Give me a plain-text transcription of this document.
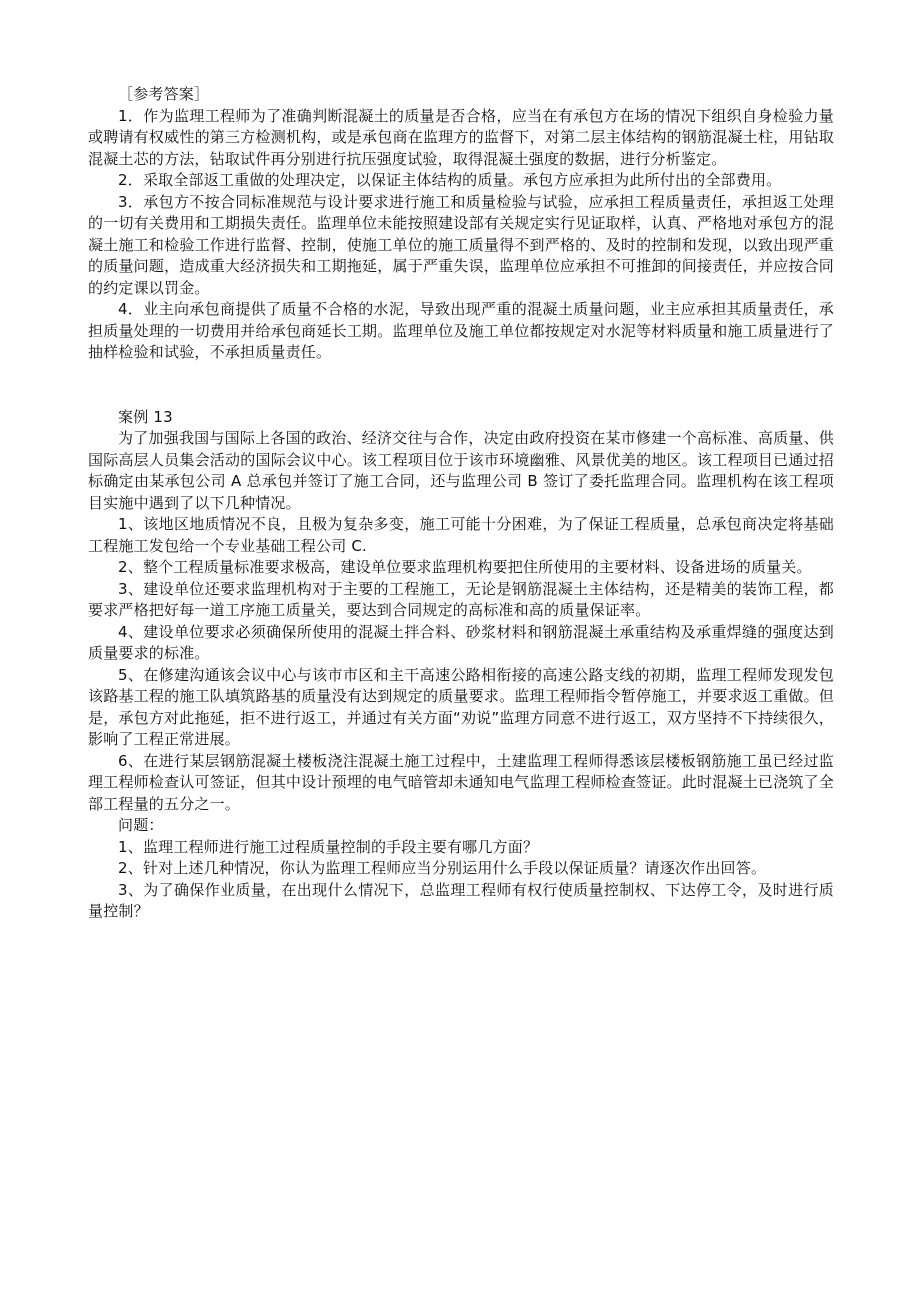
［参考答案］

1．作为监理工程师为了准确判断混凝土的质量是否合格，应当在有承包方在场的情况下组织自身检验力量或聘请有权威性的第三方检测机构，或是承包商在监理方的监督下，对第二层主体结构的钢筋混凝土柱，用钻取混凝土芯的方法，钻取试件再分别进行抗压强度试验，取得混凝土强度的数据，进行分析鉴定。

2．采取全部返工重做的处理决定，以保证主体结构的质量。承包方应承担为此所付出的全部费用。

3．承包方不按合同标准规范与设计要求进行施工和质量检验与试验，应承担工程质量责任，承担返工处理的一切有关费用和工期损失责任。监理单位未能按照建设部有关规定实行见证取样，认真、严格地对承包方的混凝土施工和检验工作进行监督、控制，使施工单位的施工质量得不到严格的、及时的控制和发现，以致出现严重的质量问题，造成重大经济损失和工期拖延，属于严重失误，监理单位应承担不可推卸的间接责任，并应按合同的约定课以罚金。

4．业主向承包商提供了质量不合格的水泥，导致出现严重的混凝土质量问题，业主应承担其质量责任，承担质量处理的一切费用并给承包商延长工期。监理单位及施工单位都按规定对水泥等材料质量和施工质量进行了抽样检验和试验，不承担质量责任。

案例 13

为了加强我国与国际上各国的政治、经济交往与合作，决定由政府投资在某市修建一个高标准、高质量、供国际高层人员集会活动的国际会议中心。该工程项目位于该市环境幽雅、风景优美的地区。该工程项目已通过招标确定由某承包公司 A 总承包并签订了施工合同，还与监理公司 B 签订了委托监理合同。监理机构在该工程项目实施中遇到了以下几种情况。

1、该地区地质情况不良，且极为复杂多变，施工可能十分困难，为了保证工程质量，总承包商决定将基础工程施工发包给一个专业基础工程公司 C.

2、整个工程质量标准要求极高，建设单位要求监理机构要把住所使用的主要材料、设备进场的质量关。

3、建设单位还要求监理机构对于主要的工程施工，无论是钢筋混凝土主体结构，还是精美的装饰工程，都要求严格把好每一道工序施工质量关，要达到合同规定的高标准和高的质量保证率。

4、建设单位要求必须确保所使用的混凝土拌合料、砂浆材料和钢筋混凝土承重结构及承重焊缝的强度达到质量要求的标准。

5、在修建沟通该会议中心与该市市区和主干高速公路相衔接的高速公路支线的初期，监理工程师发现发包该路基工程的施工队填筑路基的质量没有达到规定的质量要求。监理工程师指令暂停施工，并要求返工重做。但是，承包方对此拖延，拒不进行返工，并通过有关方面“劝说”监理方同意不进行返工，双方坚持不下持续很久，影响了工程正常进展。

6、在进行某层钢筋混凝土楼板浇注混凝土施工过程中，土建监理工程师得悉该层楼板钢筋施工虽已经过监理工程师检查认可签证，但其中设计预埋的电气暗管却未通知电气监理工程师检查签证。此时混凝土已浇筑了全部工程量的五分之一。

问题：

1、监理工程师进行施工过程质量控制的手段主要有哪几方面？

2、针对上述几种情况，你认为监理工程师应当分别运用什么手段以保证质量？请逐次作出回答。

3、为了确保作业质量，在出现什么情况下，总监理工程师有权行使质量控制权、下达停工令，及时进行质量控制？
